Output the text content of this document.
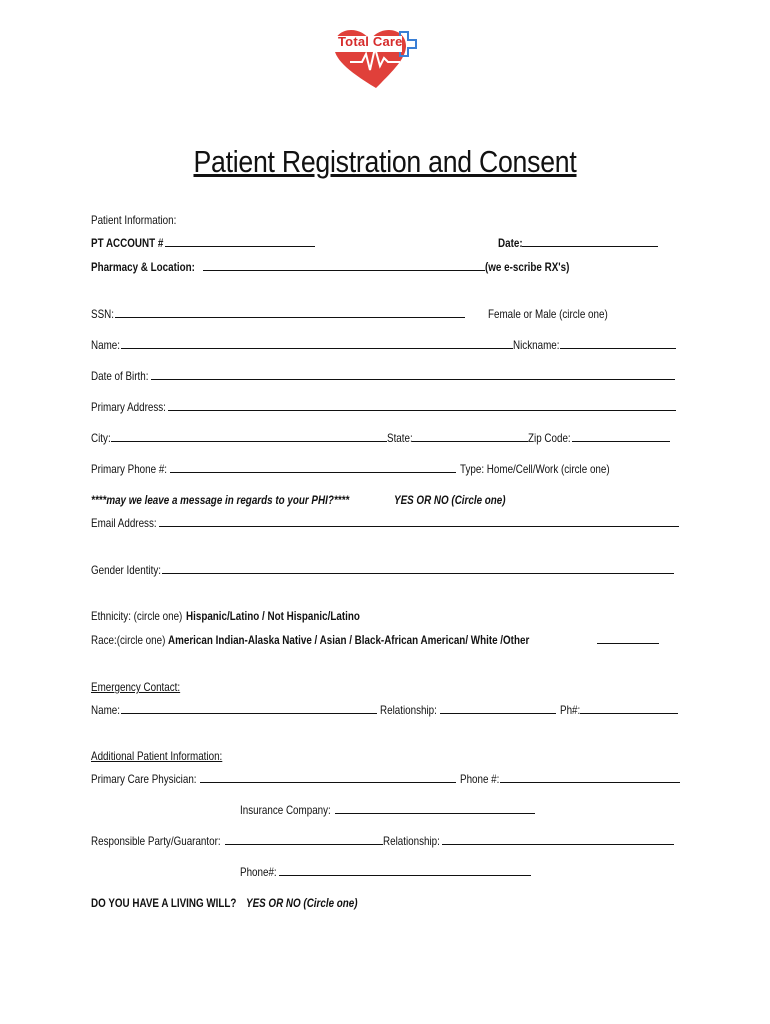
Total Care
Patient Registration and Consent
Patient Information:
PT ACCOUNT #	Date:
Pharmacy & Location:	(we e-scribe RX's)
SSN:	Female or Male (circle one)
Name:	Nickname:
Date of Birth:
Primary Address:
City:	State:	Zip Code:
Primary Phone #:	Type: Home/Cell/Work (circle one)
****may we leave a message in regards to your PHI?****	YES OR NO (Circle one)
Email Address:
Gender Identity:
Ethnicity: (circle one) Hispanic/Latino / Not Hispanic/Latino
Race:(circle one) American Indian-Alaska Native / Asian / Black-African American/ White /Other
Emergency Contact:
Name:	Relationship:	Ph#:
Additional Patient Information:
Primary Care Physician:	Phone #:
Insurance Company:
Responsible Party/Guarantor:	Relationship:
Phone#:
DO YOU HAVE A LIVING WILL? YES OR NO (Circle one)
